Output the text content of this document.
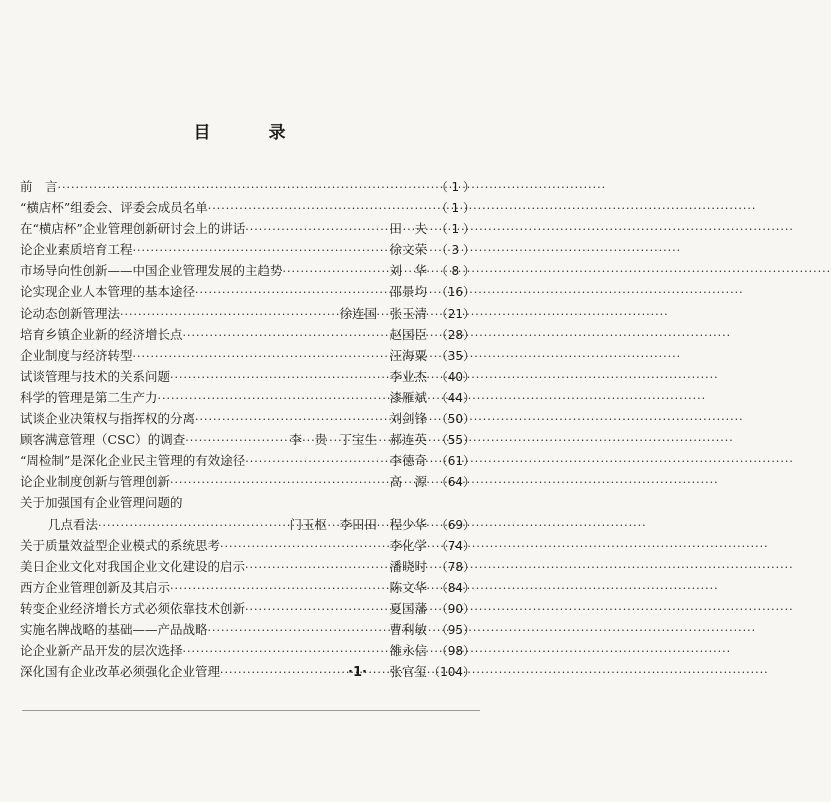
目 录
前　言 ·····	（ 1 ）
“横店杯”组委会、评委会成员名单 ·····	（ 1 ）
在“横店杯”企业管理创新研讨会上的讲话 ·····	田　夫 （ 1 ）
论企业素质培育工程 ·····	徐文荣 （ 3 ）
市场导向性创新——中国企业管理发展的主趋势 ·····	刘　华 （ 8 ）
论实现企业人本管理的基本途径 ·····	邵景均 （16）
论动态创新管理法 ·····	徐连国　张玉清 （21）
培育乡镇企业新的经济增长点 ·····	赵国臣 （28）
企业制度与经济转型 ·····	汪海粟 （35）
试谈管理与技术的关系问题 ·····	李业杰 （40）
科学的管理是第二生产力 ·····	漆雁斌 （44）
试谈企业决策权与指挥权的分离 ·····	刘剑锋 （50）
顾客满意管理（CSC）的调查 ·····	李　贵　丁宝生　郝连英 （55）
“周检制”是深化企业民主管理的有效途径 ·····	李德奇 （61）
论企业制度创新与管理创新 ·····	高　源 （64）
关于加强国有企业管理问题的
几点看法 ·····	门玉枢　李田田　程少华 （69）
关于质量效益型企业模式的系统思考 ·····	李化学 （74）
美日企业文化对我国企业文化建设的启示 ·····	潘晓时 （78）
西方企业管理创新及其启示 ·····	陈文华 （84）
转变企业经济增长方式必须依靠技术创新 ·····	夏国藩 （90）
实施名牌战略的基础——产品战略 ·····	曹利敏 （95）
论企业新产品开发的层次选择 ·····	雒永信 （98）
深化国有企业改革必须强化企业管理 ·····	张官玺 （104）
·1·
